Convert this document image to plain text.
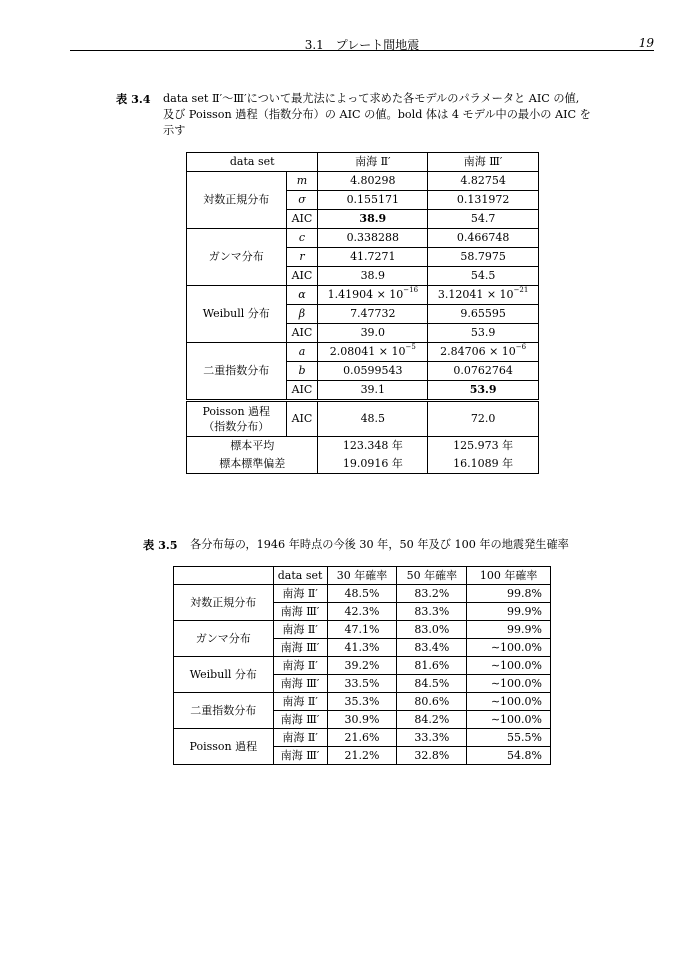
3.1　プレート間地震	19
表 3.4 data set Ⅱ′〜Ⅲ′について最尤法によって求めた各モデルのパラメータと AIC の値,
及び Poisson 過程（指数分布）の AIC の値。bold 体は 4 モデル中の最小の AIC を
示す
data set		南海 Ⅱ′	南海 Ⅲ′
対数正規分布	m	4.80298	4.82754
	σ	0.155171	0.131972
	AIC	38.9	54.7
ガンマ分布	c	0.338288	0.466748
	r	41.7271	58.7975
	AIC	38.9	54.5
Weibull 分布	α	$1.41904 \times 10^{-16}$	$3.12041 \times 10^{-21}$
	β	7.47732	9.65595
	AIC	39.0	53.9
二重指数分布	a	$2.08041 \times 10^{-5}$	$2.84706 \times 10^{-6}$
	b	0.0599543	0.0762764
	AIC	39.1	53.9

Poisson 過程
（指数分布）	AIC	48.5	72.0
標本平均		123.348 年	125.973 年
標本標準偏差		19.0916 年	16.1089 年
表 3.5 各分布毎の，1946 年時点の今後 30 年，50 年及び 100 年の地震発生確率
	data set	30 年確率	50 年確率	100 年確率
対数正規分布	南海 Ⅱ′	48.5%	83.2%	99.8%
	南海 Ⅲ′	42.3%	83.3%	99.9%
ガンマ分布	南海 Ⅱ′	47.1%	83.0%	99.9%
	南海 Ⅲ′	41.3%	83.4%	∼100.0%
Weibull 分布	南海 Ⅱ′	39.2%	81.6%	∼100.0%
	南海 Ⅲ′	33.5%	84.5%	∼100.0%
二重指数分布	南海 Ⅱ′	35.3%	80.6%	∼100.0%
	南海 Ⅲ′	30.9%	84.2%	∼100.0%
Poisson 過程	南海 Ⅱ′	21.6%	33.3%	55.5%
	南海 Ⅲ′	21.2%	32.8%	54.8%
